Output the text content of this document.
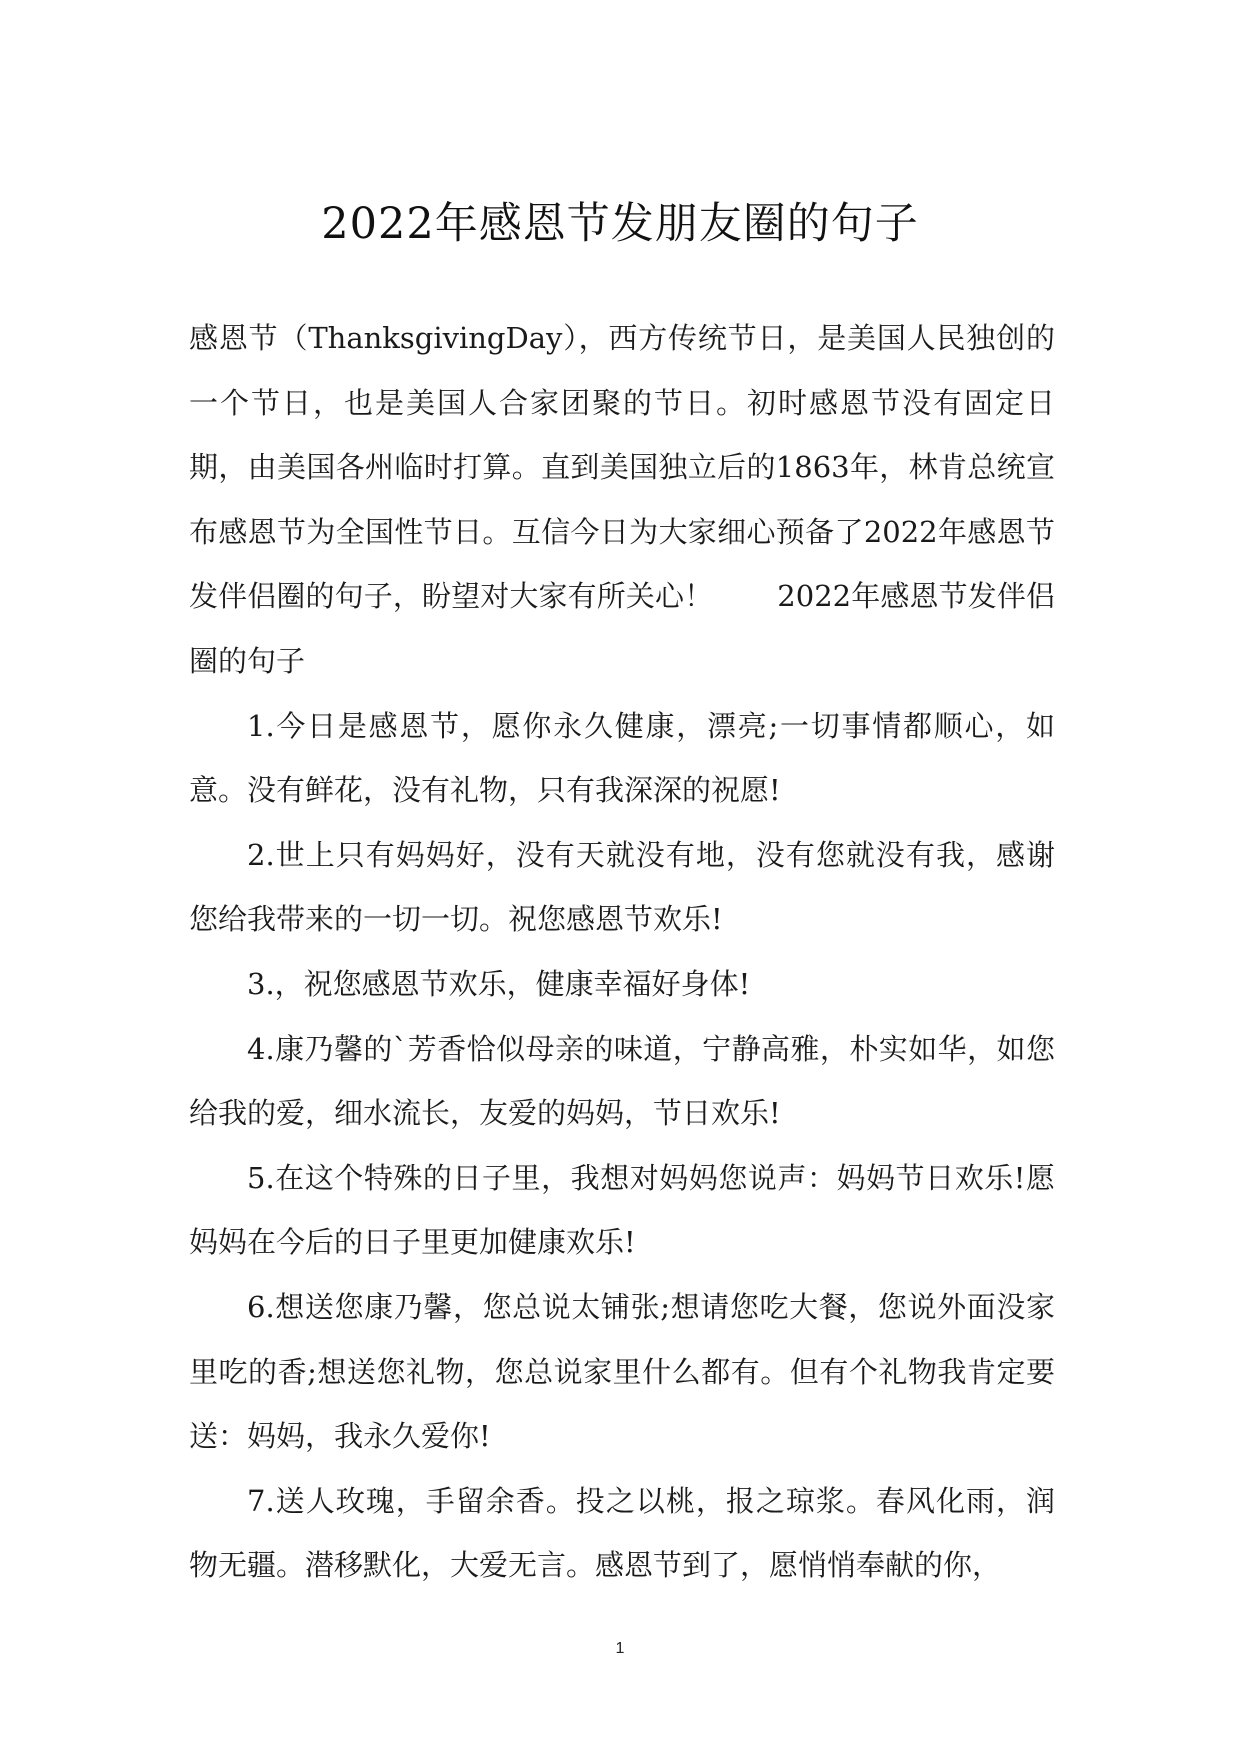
2022年感恩节发朋友圈的句子

感恩节（ThanksgivingDay），西方传统节日，是美国人民独创的一个节日，也是美国人合家团聚的节日。初时感恩节没有固定日期，由美国各州临时打算。直到美国独立后的1863年，林肯总统宣布感恩节为全国性节日。互信今日为大家细心预备了2022年感恩节发伴侣圈的句子，盼望对大家有所关心！ 2022年感恩节发伴侣圈的句子

1.今日是感恩节，愿你永久健康，漂亮;一切事情都顺心，如意。没有鲜花，没有礼物，只有我深深的祝愿!

2.世上只有妈妈好，没有天就没有地，没有您就没有我，感谢您给我带来的一切一切。祝您感恩节欢乐!

3.，祝您感恩节欢乐，健康幸福好身体!

4.康乃馨的`芳香恰似母亲的味道，宁静高雅，朴实如华，如您给我的爱，细水流长，友爱的妈妈，节日欢乐!

5.在这个特殊的日子里，我想对妈妈您说声：妈妈节日欢乐!愿妈妈在今后的日子里更加健康欢乐!

6.想送您康乃馨，您总说太铺张;想请您吃大餐，您说外面没家里吃的香;想送您礼物，您总说家里什么都有。但有个礼物我肯定要送：妈妈，我永久爱你!

7.送人玫瑰，手留余香。投之以桃，报之琼浆。春风化雨，润物无疆。潜移默化，大爱无言。感恩节到了，愿悄悄奉献的你，

1
